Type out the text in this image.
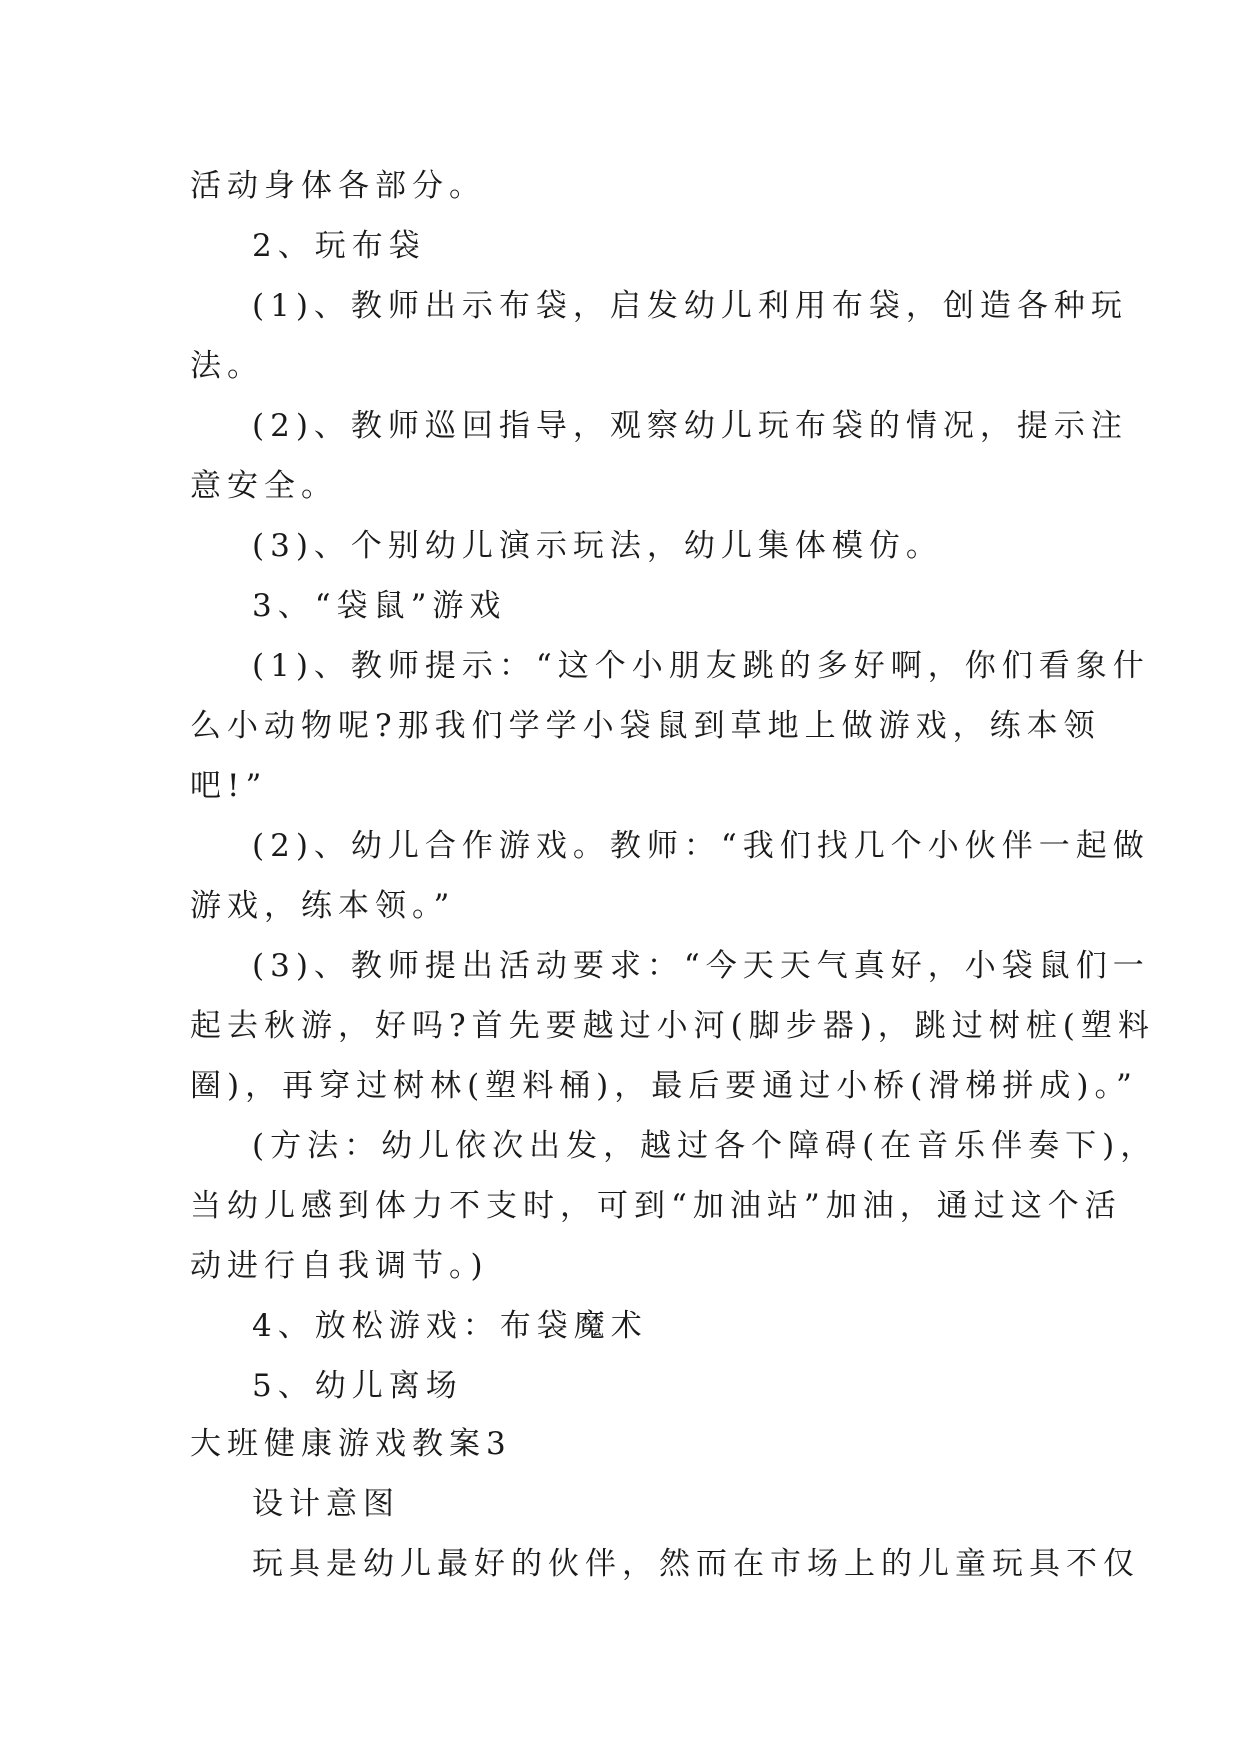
活动身体各部分。
2、玩布袋
(1)、教师出示布袋，启发幼儿利用布袋，创造各种玩
法。
(2)、教师巡回指导，观察幼儿玩布袋的情况，提示注
意安全。
(3)、个别幼儿演示玩法，幼儿集体模仿。
3、“袋鼠”游戏
(1)、教师提示：“这个小朋友跳的多好啊，你们看象什
么小动物呢?那我们学学小袋鼠到草地上做游戏，练本领
吧!”
(2)、幼儿合作游戏。教师：“我们找几个小伙伴一起做
游戏，练本领。”
(3)、教师提出活动要求：“今天天气真好，小袋鼠们一
起去秋游，好吗?首先要越过小河(脚步器)，跳过树桩(塑料
圈)，再穿过树林(塑料桶)，最后要通过小桥(滑梯拼成)。”
(方法：幼儿依次出发，越过各个障碍(在音乐伴奏下)，
当幼儿感到体力不支时，可到“加油站”加油，通过这个活
动进行自我调节。)
4、放松游戏：布袋魔术
5、幼儿离场
大班健康游戏教案3
设计意图
玩具是幼儿最好的伙伴，然而在市场上的儿童玩具不仅
